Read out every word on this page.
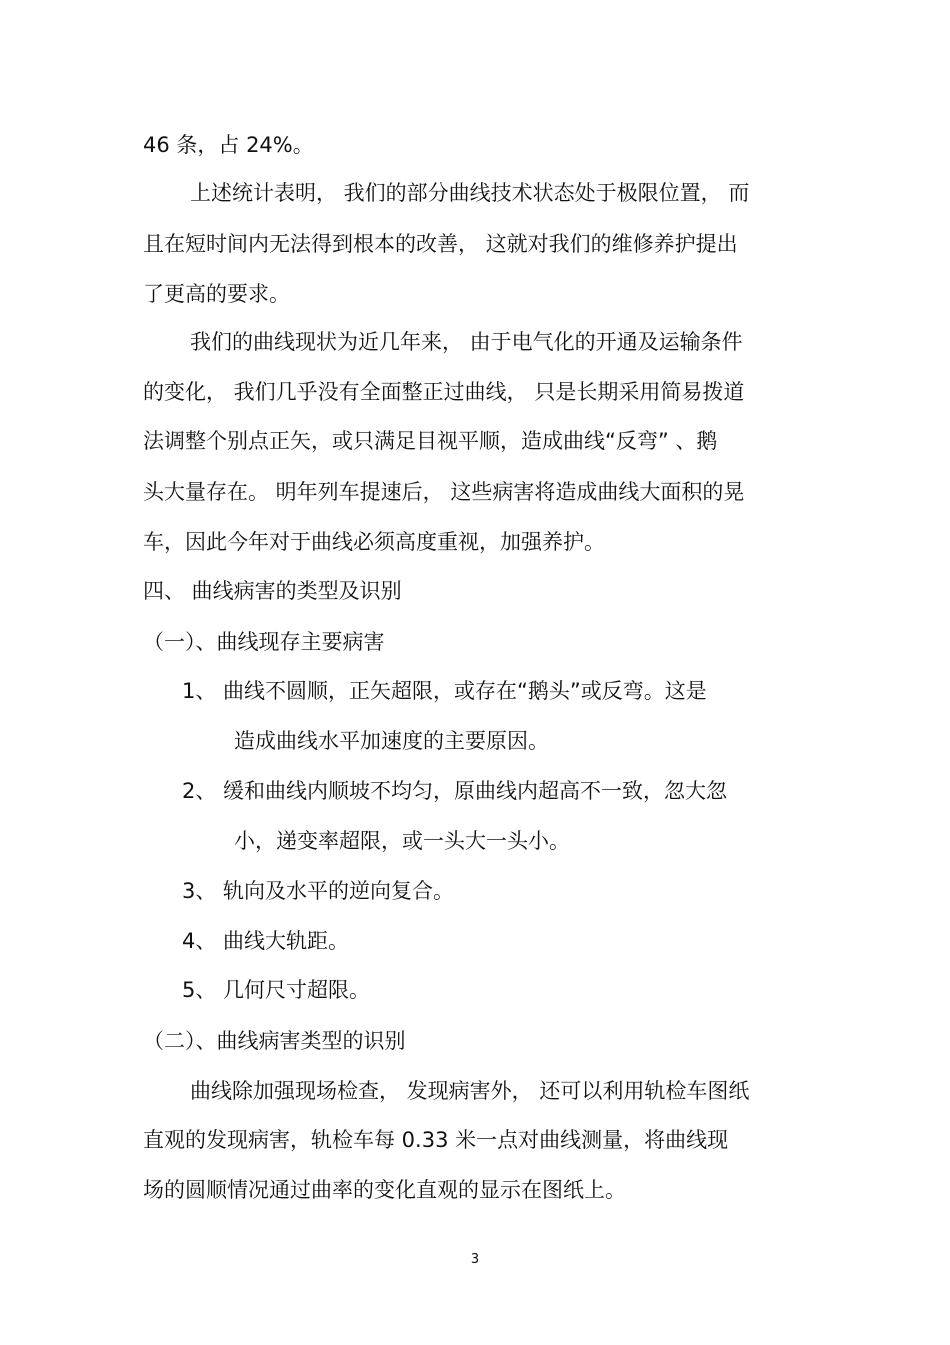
46 条，占 24%。

上述统计表明， 我们的部分曲线技术状态处于极限位置， 而

且在短时间内无法得到根本的改善， 这就对我们的维修养护提出

了更高的要求。

我们的曲线现状为近几年来， 由于电气化的开通及运输条件

的变化， 我们几乎没有全面整正过曲线， 只是长期采用简易拨道

法调整个别点正矢，或只满足目视平顺，造成曲线“反弯” 、鹅

头大量存在。 明年列车提速后， 这些病害将造成曲线大面积的晃

车，因此今年对于曲线必须高度重视，加强养护。

四、 曲线病害的类型及识别

（一）、曲线现存主要病害

1、 曲线不圆顺，正矢超限，或存在“鹅头”或反弯。这是

造成曲线水平加速度的主要原因。

2、 缓和曲线内顺坡不均匀，原曲线内超高不一致，忽大忽

小，递变率超限，或一头大一头小。

3、 轨向及水平的逆向复合。

4、 曲线大轨距。

5、 几何尺寸超限。

（二）、曲线病害类型的识别

曲线除加强现场检查， 发现病害外， 还可以利用轨检车图纸

直观的发现病害，轨检车每 0.33 米一点对曲线测量，将曲线现

场的圆顺情况通过曲率的变化直观的显示在图纸上。

3
